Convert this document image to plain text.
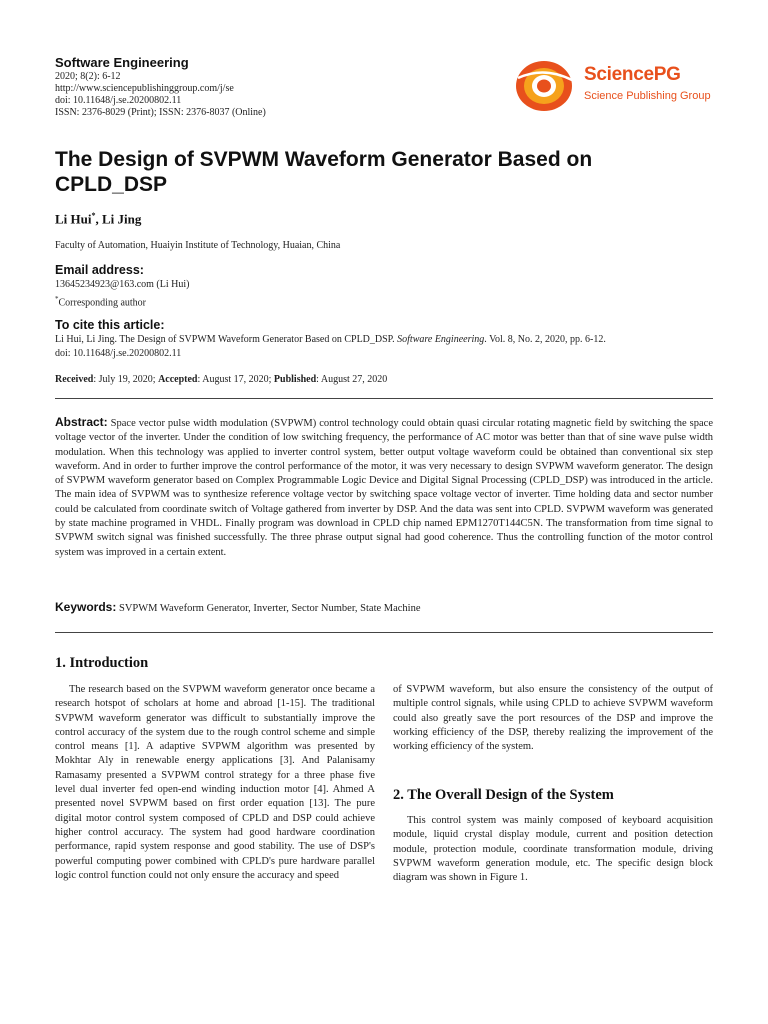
Software Engineering
2020; 8(2): 6-12
http://www.sciencepublishinggroup.com/j/se
doi: 10.11648/j.se.20200802.11
ISSN: 2376-8029 (Print); ISSN: 2376-8037 (Online)
SciencePG
Science Publishing Group
The Design of SVPWM Waveform Generator Based on CPLD_DSP
Li Hui*, Li Jing
Faculty of Automation, Huaiyin Institute of Technology, Huaian, China
Email address:
13645234923@163.com (Li Hui)
*Corresponding author
To cite this article:
Li Hui, Li Jing. The Design of SVPWM Waveform Generator Based on CPLD_DSP. Software Engineering. Vol. 8, No. 2, 2020, pp. 6-12.
doi: 10.11648/j.se.20200802.11
Received: July 19, 2020; Accepted: August 17, 2020; Published: August 27, 2020
Abstract: Space vector pulse width modulation (SVPWM) control technology could obtain quasi circular rotating magnetic field by switching the space voltage vector of the inverter. Under the condition of low switching frequency, the performance of AC motor was better than that of sine wave pulse width modulation. When this technology was applied to inverter control system, better output voltage waveform could be obtained than conventional six step waveform. And in order to further improve the control performance of the motor, it was very necessary to design SVPWM waveform generator. The design of SVPWM waveform generator based on Complex Programmable Logic Device and Digital Signal Processing (CPLD_DSP) was introduced in the article. The main idea of SVPWM was to synthesize reference voltage vector by switching space voltage vector of inverter. Time holding data and sector number could be calculated from coordinate switch of Voltage gathered from inverter by DSP. And the data was sent into CPLD. SVPWM waveform was generated by state machine programed in VHDL. Finally program was download in CPLD chip named EPM1270T144C5N. The transformation from time signal to SVPWM switch signal was finished successfully. The three phrase output signal had good coherence. Thus the controlling function of the motor control system was improved in a certain extent.
Keywords: SVPWM Waveform Generator, Inverter, Sector Number, State Machine
1. Introduction

The research based on the SVPWM waveform generator once became a research hotspot of scholars at home and abroad [1-15]. The traditional SVPWM waveform generator was difficult to substantially improve the control accuracy of the system due to the rough control scheme and simple control means [1]. A adaptive SVPWM algorithm was presented by Mokhtar Aly in renewable energy applications [3]. And Palanisamy Ramasamy presented a SVPWM control strategy for a three phase five level dual inverter fed open-end winding induction motor [4]. Ahmed A presented novel SVPWM based on first order equation [13]. The pure digital motor control system composed of CPLD and DSP could achieve higher control accuracy. The system had good hardware coordination performance, rapid system response and good stability. The use of DSP's powerful computing power combined with CPLD's pure hardware parallel logic control function could not only ensure the accuracy and speed

of SVPWM waveform, but also ensure the consistency of the output of multiple control signals, while using CPLD to achieve SVPWM waveform could also greatly save the port resources of the DSP and improve the working efficiency of the DSP, thereby realizing the improvement of the working efficiency of the system.

2. The Overall Design of the System

This control system was mainly composed of keyboard acquisition module, liquid crystal display module, current and position detection module, protection module, coordinate transformation module, driving SVPWM waveform generation module, etc. The specific design block diagram was shown in Figure 1.
